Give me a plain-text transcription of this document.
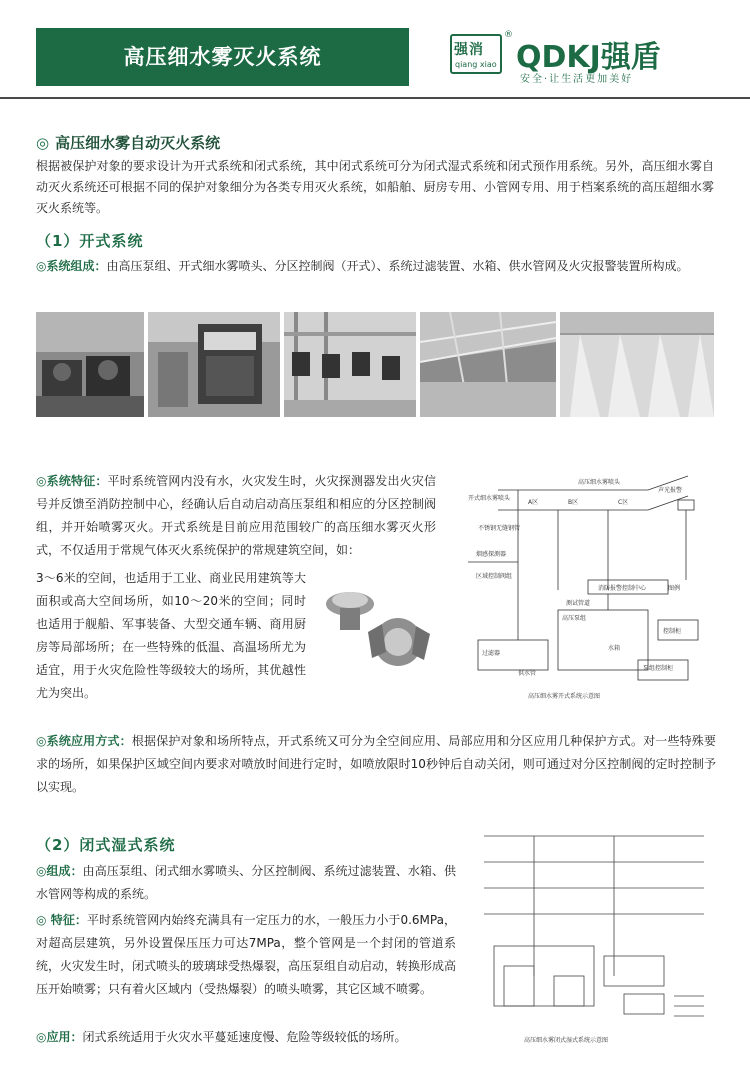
高压细水雾灭火系统	强消
qiang xiao
®
QDKJ强盾
安全·让生活更加美好
◎ 高压细水雾自动灭火系统
根据被保护对象的要求设计为开式系统和闭式系统，其中闭式系统可分为闭式湿式系统和闭式预作用系统。另外，高压细水雾自动灭火系统还可根据不同的保护对象细分为各类专用灭火系统，如船舶、厨房专用、小管网专用、用于档案系统的高压超细水雾灭火系统等。
（1）开式系统
◎系统组成：由高压泵组、开式细水雾喷头、分区控制阀（开式）、系统过滤装置、水箱、供水管网及火灾报警装置所构成。
◎系统特征：平时系统管网内没有水，火灾发生时，火灾探测器发出火灾信号并反馈至消防控制中心，经确认后自动启动高压泵组和相应的分区控制阀组，并开始喷雾灭火。开式系统是目前应用范围较广的高压细水雾灭火形式，不仅适用于常规气体灭火系统保护的常规建筑空间，如：
3～6米的空间，也适用于工业、商业民用建筑等大面积或高大空间场所，如10～20米的空间；同时也适用于舰船、军事装备、大型交通车辆、商用厨房等局部场所；在一些特殊的低温、高温场所尤为适宜，用于火灾危险性等级较大的场所，其优越性尤为突出。
高压细水雾喷头
开式细水雾喷头
A区	B区	C区
声光报警
不锈钢无缝钢管
烟感探测器
区域控制阀组
消防报警控制中心
高压泵组
过滤器
控制柜
泵组控制柜
测试管道
水箱
供水管
图例
高压细水雾开式系统示意图
◎系统应用方式：根据保护对象和场所特点，开式系统又可分为全空间应用、局部应用和分区应用几种保护方式。对一些特殊要求的场所，如果保护区域空间内要求对喷放时间进行定时，如喷放限时10秒钟后自动关闭，则可通过对分区控制阀的定时控制予以实现。
（2）闭式湿式系统
◎组成：由高压泵组、闭式细水雾喷头、分区控制阀、系统过滤装置、水箱、供水管网等构成的系统。
◎ 特征：平时系统管网内始终充满具有一定压力的水，一般压力小于0.6MPa，对超高层建筑，另外设置保压压力可达7MPa，整个管网是一个封闭的管道系统，火灾发生时，闭式喷头的玻璃球受热爆裂，高压泵组自动启动，转换形成高压开始喷雾；只有着火区域内（受热爆裂）的喷头喷雾，其它区域不喷雾。
◎应用：闭式系统适用于火灾水平蔓延速度慢、危险等级较低的场所。	高压细水雾闭式湿式系统示意图
